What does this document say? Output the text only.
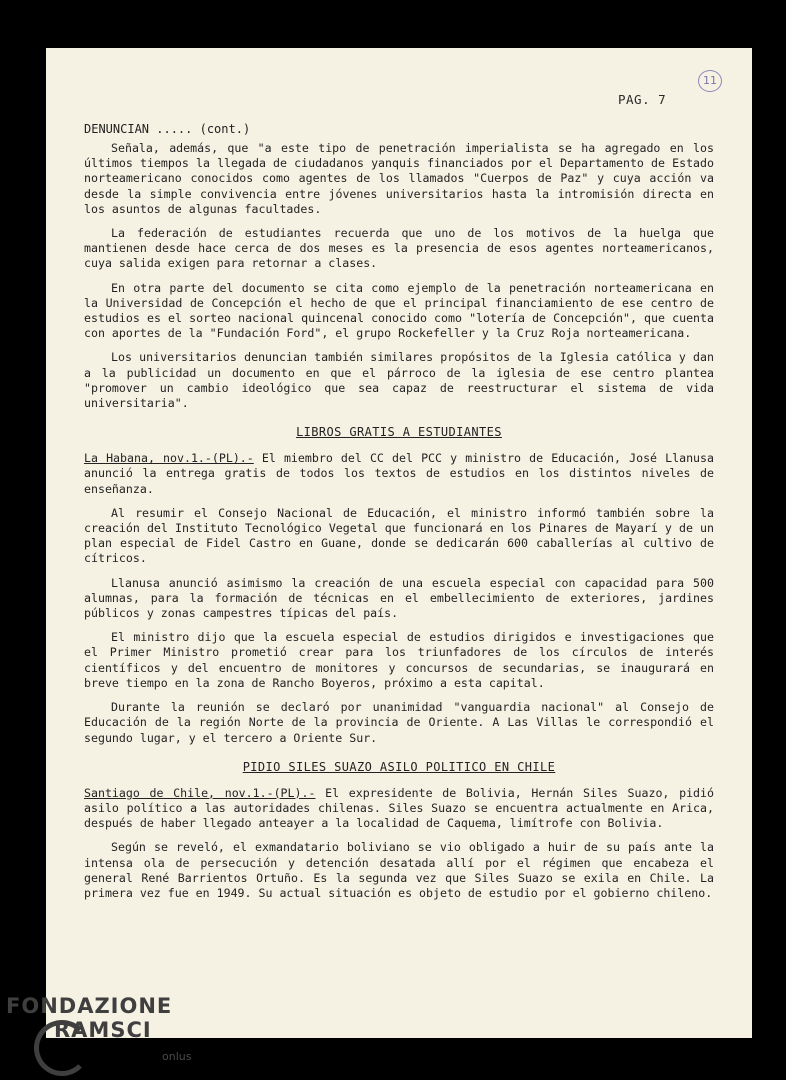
11
PAG. 7
DENUNCIAN ..... (cont.)

Señala, además, que "a este tipo de penetración imperialista se ha agregado en los últimos tiempos la llegada de ciudadanos yanquis financiados por el Departamento de Estado norteamericano conocidos como agentes de los llamados "Cuerpos de Paz" y cuya acción va desde la simple convivencia entre jóvenes universitarios hasta la intromisión directa en los asuntos de algunas facultades.

La federación de estudiantes recuerda que uno de los motivos de la huelga que mantienen desde hace cerca de dos meses es la presencia de esos agentes norteamericanos, cuya salida exigen para retornar a clases.

En otra parte del documento se cita como ejemplo de la penetración norteamericana en la Universidad de Concepción el hecho de que el principal financiamiento de ese centro de estudios es el sorteo nacional quincenal conocido como "lotería de Concepción", que cuenta con aportes de la "Fundación Ford", el grupo Rockefeller y la Cruz Roja norteamericana.

Los universitarios denuncian también similares propósitos de la Iglesia católica y dan a la publicidad un documento en que el párroco de la iglesia de ese centro plantea "promover un cambio ideológico que sea capaz de reestructurar el sistema de vida universitaria".

LIBROS GRATIS A ESTUDIANTES

La Habana, nov.1.-(PL).- El miembro del CC del PCC y ministro de Educación, José Llanusa anunció la entrega gratis de todos los textos de estudios en los distintos niveles de enseñanza.

Al resumir el Consejo Nacional de Educación, el ministro informó también sobre la creación del Instituto Tecnológico Vegetal que funcionará en los Pinares de Mayarí y de un plan especial de Fidel Castro en Guane, donde se dedicarán 600 caballerías al cultivo de cítricos.

Llanusa anunció asimismo la creación de una escuela especial con capacidad para 500 alumnas, para la formación de técnicas en el embellecimiento de exteriores, jardines públicos y zonas campestres típicas del país.

El ministro dijo que la escuela especial de estudios dirigidos e investigaciones que el Primer Ministro prometió crear para los triunfadores de los círculos de interés científicos y del encuentro de monitores y concursos de secundarias, se inaugurará en breve tiempo en la zona de Rancho Boyeros, próximo a esta capital.

Durante la reunión se declaró por unanimidad "vanguardia nacional" al Consejo de Educación de la región Norte de la provincia de Oriente. A Las Villas le correspondió el segundo lugar, y el tercero a Oriente Sur.

PIDIO SILES SUAZO ASILO POLITICO EN CHILE

Santiago de Chile, nov.1.-(PL).- El expresidente de Bolivia, Hernán Siles Suazo, pidió asilo político a las autoridades chilenas. Siles Suazo se encuentra actualmente en Arica, después de haber llegado anteayer a la localidad de Caquema, limítrofe con Bolivia.

Según se reveló, el exmandatario boliviano se vio obligado a huir de su país ante la intensa ola de persecución y detención desatada allí por el régimen que encabeza el general René Barrientos Ortuño. Es la segunda vez que Siles Suazo se exila en Chile. La primera vez fue en 1949. Su actual situación es objeto de estudio por el gobierno chileno.

FONDAZIONE
RAMSCI
onlus
